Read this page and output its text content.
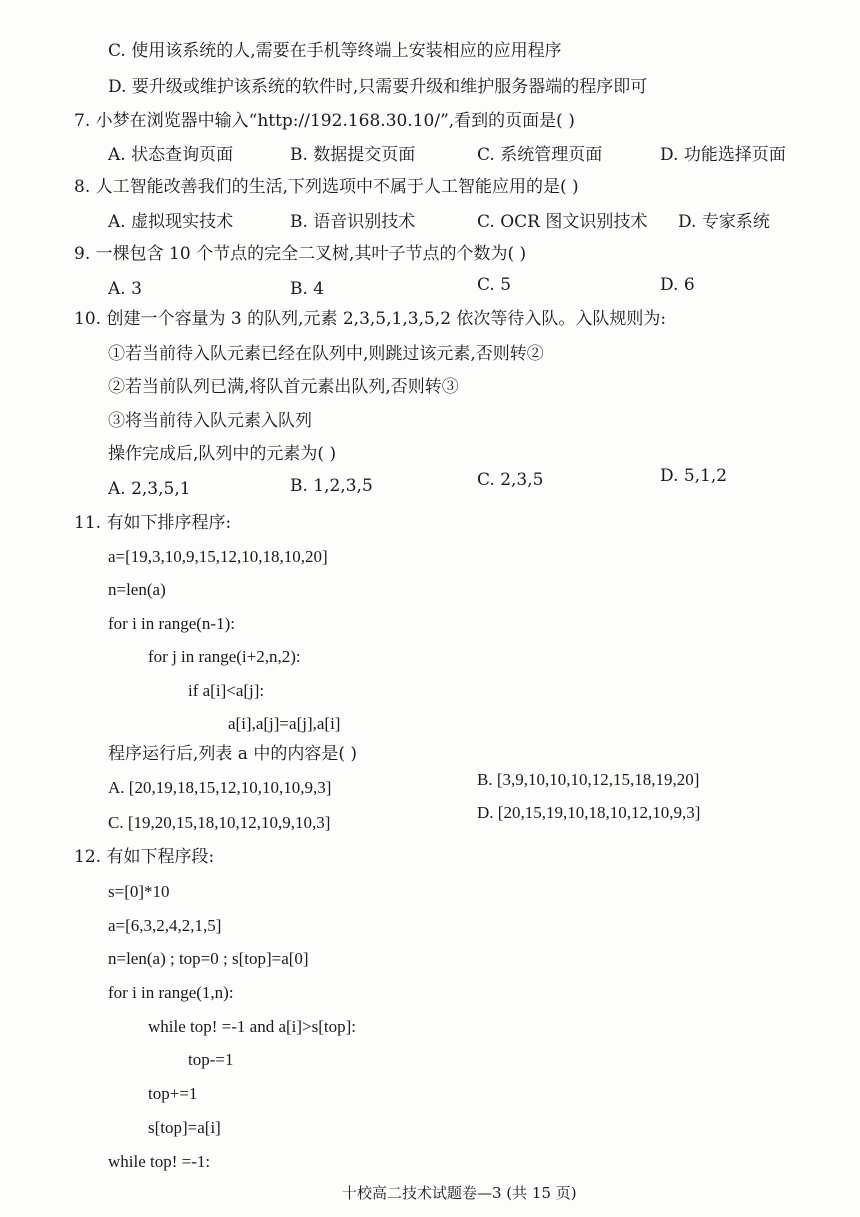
C. 使用该系统的人,需要在手机等终端上安装相应的应用程序
D. 要升级或维护该系统的软件时,只需要升级和维护服务器端的程序即可
7. 小梦在浏览器中输入“http://192.168.30.10/”,看到的页面是( )
A. 状态查询页面	B. 数据提交页面	C. 系统管理页面	D. 功能选择页面
8. 人工智能改善我们的生活,下列选项中不属于人工智能应用的是( )
A. 虚拟现实技术	B. 语音识别技术	C. OCR 图文识别技术 D. 专家系统
9. 一棵包含 10 个节点的完全二叉树,其叶子节点的个数为( )
A. 3	B. 4	C. 5	D. 6
10. 创建一个容量为 3 的队列,元素 2,3,5,1,3,5,2 依次等待入队。入队规则为:
①若当前待入队元素已经在队列中,则跳过该元素,否则转②
②若当前队列已满,将队首元素出队列,否则转③
③将当前待入队元素入队列
操作完成后,队列中的元素为( )
A. 2,3,5,1	B. 1,2,3,5	C. 2,3,5	D. 5,1,2
11. 有如下排序程序:
a=[19,3,10,9,15,12,10,18,10,20]
n=len(a)
for i in range(n-1):
for j in range(i+2,n,2):
if a[i]<a[j]:
a[i],a[j]=a[j],a[i]
程序运行后,列表 a 中的内容是( )
A. [20,19,18,15,12,10,10,10,9,3]	B. [3,9,10,10,10,12,15,18,19,20]
C. [19,20,15,18,10,12,10,9,10,3]
D. [20,15,19,10,18,10,12,10,9,3]
12. 有如下程序段:
s=[0]*10
a=[6,3,2,4,2,1,5]
n=len(a) ; top=0 ; s[top]=a[0]
for i in range(1,n):
while top! =-1 and a[i]>s[top]:
top-=1
top+=1
s[top]=a[i]
while top! =-1:
十校高二技术试题卷—3 (共 15 页)
